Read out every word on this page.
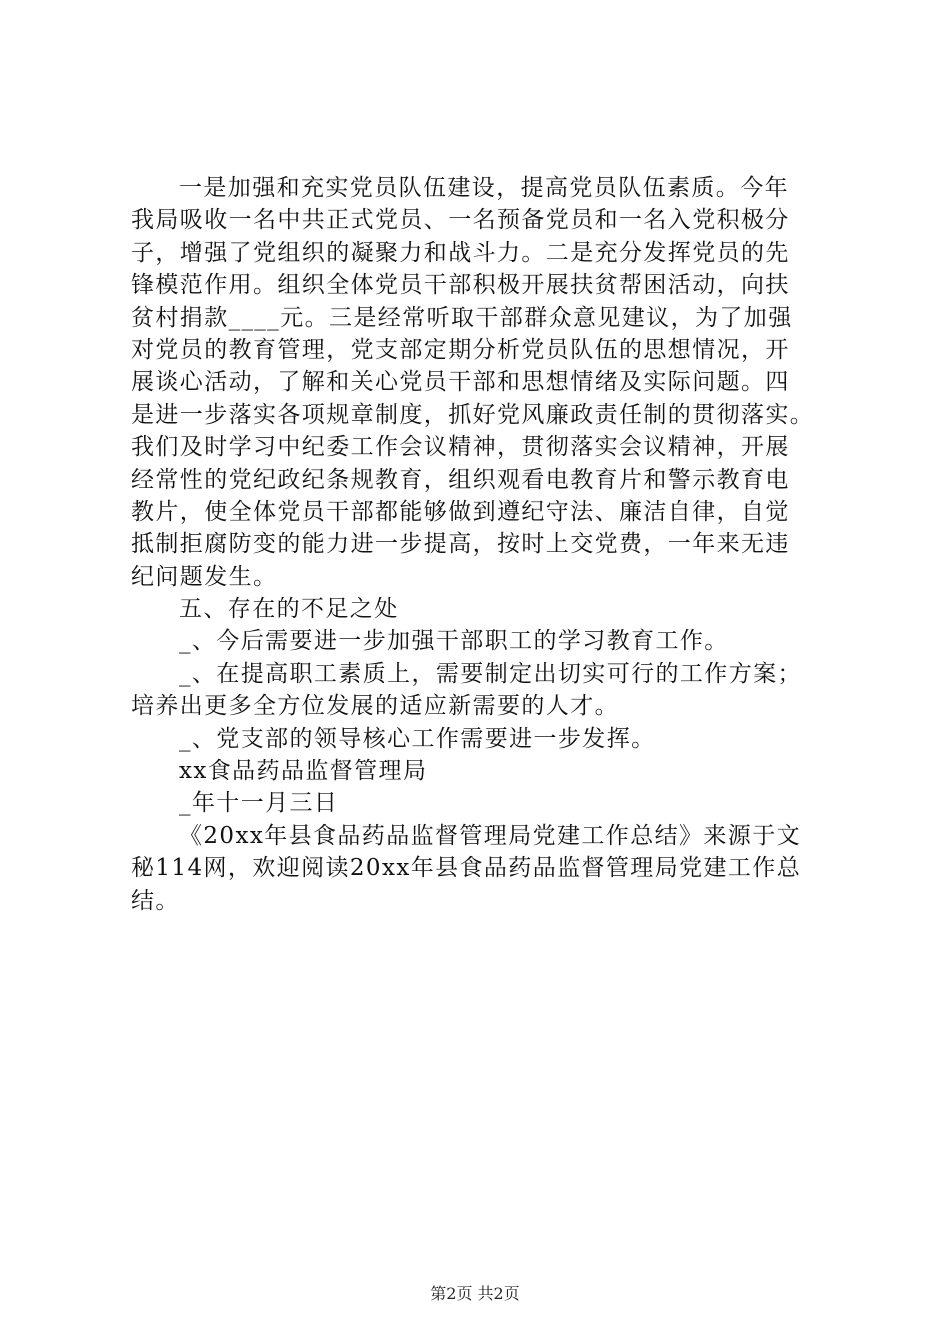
一是加强和充实党员队伍建设，提高党员队伍素质。今年
我局吸收一名中共正式党员、一名预备党员和一名入党积极分
子，增强了党组织的凝聚力和战斗力。二是充分发挥党员的先
锋模范作用。组织全体党员干部积极开展扶贫帮困活动，向扶
贫村捐款____元。三是经常听取干部群众意见建议，为了加强
对党员的教育管理，党支部定期分析党员队伍的思想情况，开
展谈心活动，了解和关心党员干部和思想情绪及实际问题。四
是进一步落实各项规章制度，抓好党风廉政责任制的贯彻落实。
我们及时学习中纪委工作会议精神，贯彻落实会议精神，开展
经常性的党纪政纪条规教育，组织观看电教育片和警示教育电
教片，使全体党员干部都能够做到遵纪守法、廉洁自律，自觉
抵制拒腐防变的能力进一步提高，按时上交党费，一年来无违
纪问题发生。
五、存在的不足之处
_、今后需要进一步加强干部职工的学习教育工作。
_、在提高职工素质上，需要制定出切实可行的工作方案；
培养出更多全方位发展的适应新需要的人才。
_、党支部的领导核心工作需要进一步发挥。
xx食品药品监督管理局
_年十一月三日
《20xx年县食品药品监督管理局党建工作总结》来源于文
秘114网，欢迎阅读20xx年县食品药品监督管理局党建工作总
结。
第2页 共2页
